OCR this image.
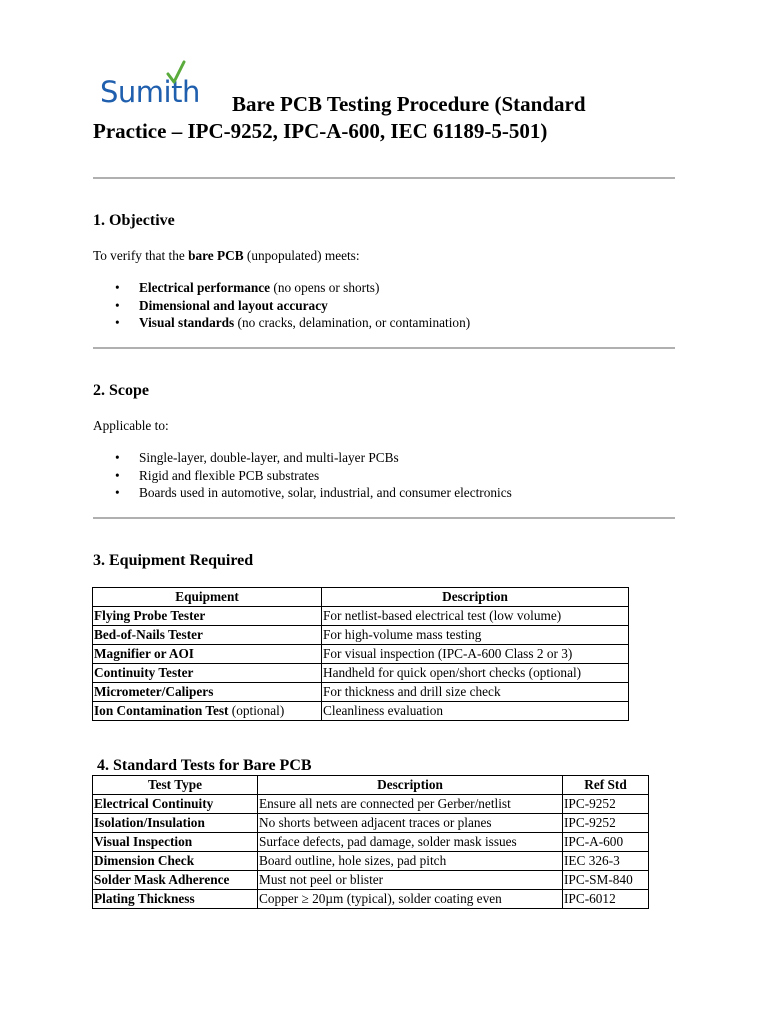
Sumith	Bare PCB Testing Procedure (Standard
Practice – IPC-9252, IPC-A-600, IEC 61189-5-501)
1. Objective

To verify that the bare PCB (unpopulated) meets:

• Electrical performance (no opens or shorts)
• Dimensional and layout accuracy
• Visual standards (no cracks, delamination, or contamination)
2. Scope

Applicable to:

• Single-layer, double-layer, and multi-layer PCBs
• Rigid and flexible PCB substrates
• Boards used in automotive, solar, industrial, and consumer electronics
3. Equipment Required
Equipment	Description
Flying Probe Tester	For netlist-based electrical test (low volume)
Bed-of-Nails Tester	For high-volume mass testing
Magnifier or AOI	For visual inspection (IPC-A-600 Class 2 or 3)
Continuity Tester	Handheld for quick open/short checks (optional)
Micrometer/Calipers	For thickness and drill size check
Ion Contamination Test (optional)	Cleanliness evaluation
4. Standard Tests for Bare PCB
Test Type	Description	Ref Std
Electrical Continuity	Ensure all nets are connected per Gerber/netlist	IPC-9252
Isolation/Insulation	No shorts between adjacent traces or planes	IPC-9252
Visual Inspection	Surface defects, pad damage, solder mask issues	IPC-A-600
Dimension Check	Board outline, hole sizes, pad pitch	IEC 326-3
Solder Mask Adherence	Must not peel or blister	IPC-SM-840
Plating Thickness	Copper ≥ 20µm (typical), solder coating even	IPC-6012
